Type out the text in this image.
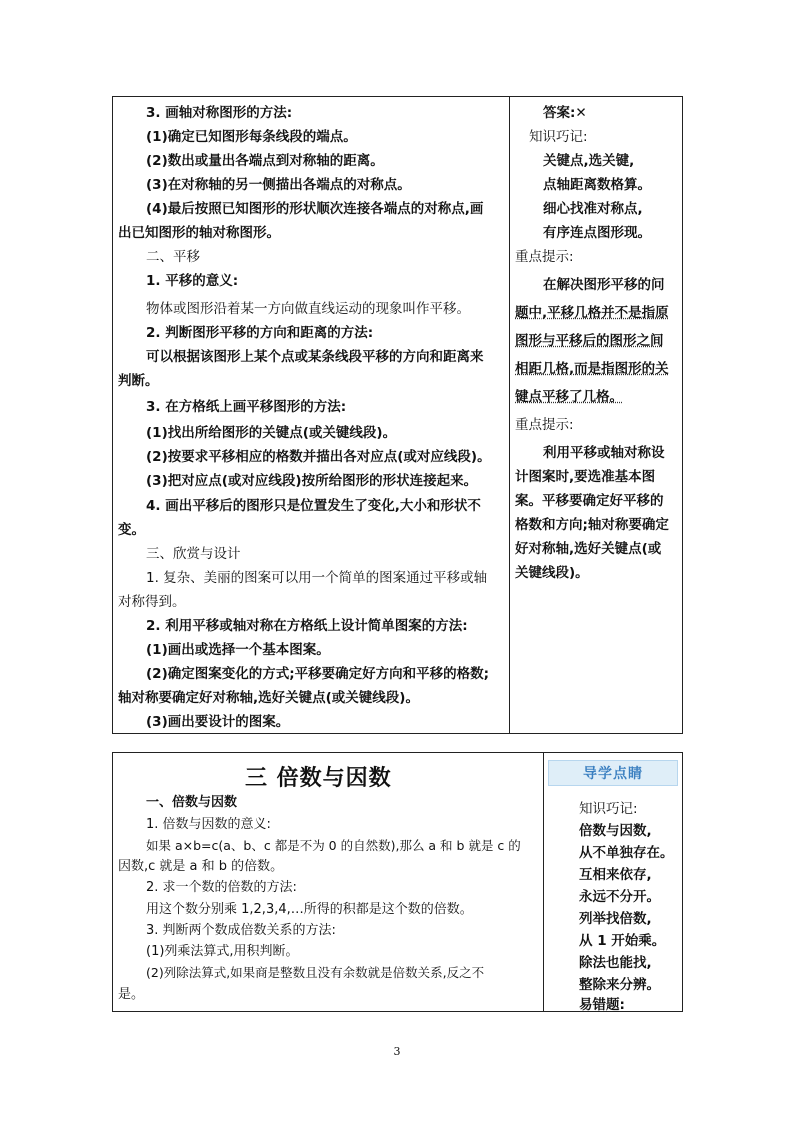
3. 画轴对称图形的方法:
(1)确定已知图形每条线段的端点。
(2)数出或量出各端点到对称轴的距离。
(3)在对称轴的另一侧描出各端点的对称点。
(4)最后按照已知图形的形状顺次连接各端点的对称点,画
出已知图形的轴对称图形。
二、平移
1. 平移的意义:
物体或图形沿着某一方向做直线运动的现象叫作平移。
2. 判断图形平移的方向和距离的方法:
可以根据该图形上某个点或某条线段平移的方向和距离来
判断。
3. 在方格纸上画平移图形的方法:
(1)找出所给图形的关键点(或关键线段)。
(2)按要求平移相应的格数并描出各对应点(或对应线段)。
(3)把对应点(或对应线段)按所给图形的形状连接起来。
4. 画出平移后的图形只是位置发生了变化,大小和形状不
变。
三、欣赏与设计
1. 复杂、美丽的图案可以用一个简单的图案通过平移或轴
对称得到。
2. 利用平移或轴对称在方格纸上设计简单图案的方法:
(1)画出或选择一个基本图案。
(2)确定图案变化的方式;平移要确定好方向和平移的格数;
轴对称要确定好对称轴,选好关键点(或关键线段)。
(3)画出要设计的图案。
答案:✕
知识巧记:
关键点,选关键,
点轴距离数格算。
细心找准对称点,
有序连点图形现。
重点提示:
在解决图形平移的问
题中,平移几格并不是指原
图形与平移后的图形之间
相距几格,而是指图形的关
键点平移了几格。
重点提示:
利用平移或轴对称设
计图案时,要选准基本图
案。平移要确定好平移的
格数和方向;轴对称要确定
好对称轴,选好关键点(或
关键线段)。
三 倍数与因数
一、倍数与因数
1. 倍数与因数的意义:
如果 a×b=c(a、b、c 都是不为 0 的自然数),那么 a 和 b 就是 c 的
因数,c 就是 a 和 b 的倍数。
2. 求一个数的倍数的方法:
用这个数分别乘 1,2,3,4,…所得的积都是这个数的倍数。
3. 判断两个数成倍数关系的方法:
(1)列乘法算式,用积判断。
(2)列除法算式,如果商是整数且没有余数就是倍数关系,反之不
是。
知识巧记:
倍数与因数,
从不单独存在。
互相来依存,
永远不分开。
列举找倍数,
从 1 开始乘。
除法也能找,
整除来分辨。
易错题:
导学点睛
3
